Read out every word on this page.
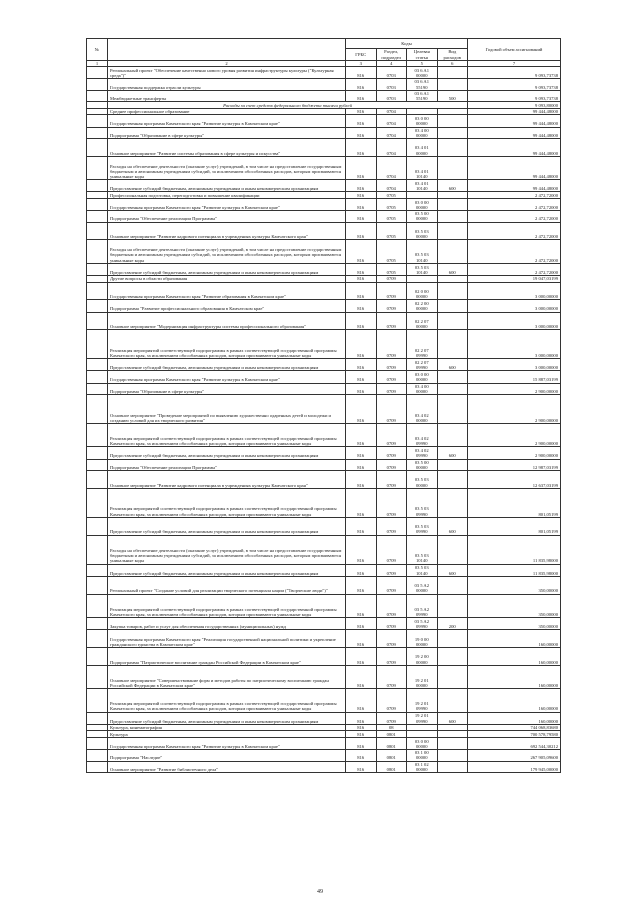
№		Коды				Годовой объем ассигнований
		ГРБС	Раздел, подраздел	Целевая статья	Вид расходов	
1	2	3	4	5	6	7
	Региональный проект "Обеспечение качественно нового уровня развития инфраструктуры культуры ("Культурная среда")"	816	0703	03 6 A1 00000		9 093,73738
	Государственная поддержка отрасли культуры	816	0703	03 6 A1 55190		9 093,73738
	Межбюджетные трансферты	816	0703	03 6 A1 55190	500	9 093,73738
	Расходы за счет средств федерального бюджета тысячи рублей					9 093,80000
	Среднее профессиональное образование	816	0704			99 444,48000
	Государственная программа Камчатского края "Развитие культуры в Камчатском крае"	816	0704	03 0 00 00000		99 444,48000
	Подпрограмма "Образование в сфере культуры"	816	0704	03 4 00 00000		99 444,48000
	Основное мероприятие "Развитие системы образования в сфере культуры и искусства"	816	0704	03 4 01 00000		99 444,48000
	Расходы на обеспечение деятельности (оказание услуг) учреждений, в том числе на предоставление государственным бюджетным и автономным учреждениям субсидий, за исключением обособленных расходов, которым присваиваются уникальные коды	816	0704	03 4 01 10140		99 444,48000
	Предоставление субсидий бюджетным, автономным учреждениям и иным некоммерческим организациям	816	0704	03 4 01 10140	600	99 444,48000
	Профессиональная подготовка, переподготовка и повышение квалификации	816	0705			2 472,72000
	Государственная программа Камчатского края "Развитие культуры в Камчатском крае"	816	0705	03 0 00 00000		2 472,72000
	Подпрограмма "Обеспечение реализации Программы"	816	0705	03 5 00 00000		2 472,72000
	Основное мероприятие "Развитие кадрового потенциала в учреждениях культуры Камчатского края"	816	0705	03 5 03 00000		2 472,72000
	Расходы на обеспечение деятельности (оказание услуг) учреждений, в том числе на предоставление государственным бюджетным и автономным учреждениям субсидий, за исключением обособленных расходов, которым присваиваются уникальные коды	816	0705	03 5 03 10140		2 472,72000
	Предоставление субсидий бюджетным, автономным учреждениям и иным некоммерческим организациям	816	0705	03 5 03 10140	600	2 472,72000
	Другие вопросы в области образования	816	0709			19 047,03199
	Государственная программа Камчатского края "Развитие образования в Камчатском крае"	816	0709	02 0 00 00000		3 000,00000
	Подпрограмма "Развитие профессионального образования в Камчатском крае"	816	0709	02 2 00 00000		3 000,00000
	Основное мероприятие "Модернизация инфраструктуры системы профессионального образования"	816	0709	02 2 07 00000		3 000,00000
	Реализация мероприятий соответствующей подпрограммы в рамках соответствующей государственной программы Камчатского края, за исключением обособленных расходов, которым присваиваются уникальные коды	816	0709	02 2 07 09990		3 000,00000
	Предоставление субсидий бюджетным, автономным учреждениям и иным некоммерческим организациям	816	0709	02 2 07 09990	600	3 000,00000
	Государственная программа Камчатского края "Развитие культуры в Камчатском крае"	816	0709	03 0 00 00000		15 887,03199
	Подпрограмма "Образование в сфере культуры"	816	0709	03 4 00 00000		2 900,00000
	Основное мероприятие "Проведение мероприятий по выявлению художественно одаренных детей и молодежи и созданию условий для их творческого развития"	816	0709	03 4 02 00000		2 900,00000
	Реализация мероприятий соответствующей подпрограммы в рамках соответствующей государственной программы Камчатского края, за исключением обособленных расходов, которым присваиваются уникальные коды	816	0709	03 4 02 09990		2 900,00000
	Предоставление субсидий бюджетным, автономным учреждениям и иным некоммерческим организациям	816	0709	03 4 02 09990	600	2 900,00000
	Подпрограмма "Обеспечение реализации Программы"	816	0709	03 5 00 00000		12 987,03199
	Основное мероприятие "Развитие кадрового потенциала в учреждениях культуры Камчатского края"	816	0709	03 5 03 00000		12 637,03199
	Реализация мероприятий соответствующей подпрограммы в рамках соответствующей государственной программы Камчатского края, за исключением обособленных расходов, которым присваиваются уникальные коды	816	0709	03 5 03 09990		801,05199
	Предоставление субсидий бюджетным, автономным учреждениям и иным некоммерческим организациям	816	0709	03 5 03 09990	600	801,05199
	Расходы на обеспечение деятельности (оказание услуг) учреждений, в том числе на предоставление государственным бюджетным и автономным учреждениям субсидий, за исключением обособленных расходов, которым присваиваются уникальные коды	816	0709	03 5 03 10140		11 835,98000
	Предоставление субсидий бюджетным, автономным учреждениям и иным некоммерческим организациям	816	0709	03 5 03 10140	600	11 835,98000
	Региональный проект "Создание условий для реализации творческого потенциала нации ("Творческие люди")"	816	0709	03 5 A2 00000		350,00000
	Реализация мероприятий соответствующей подпрограммы в рамках соответствующей государственной программы Камчатского края, за исключением обособленных расходов, которым присваиваются уникальные коды	816	0709	03 5 A2 09990		350,00000
	Закупка товаров, работ и услуг для обеспечения государственных (муниципальных) нужд	816	0709	03 5 A2 09990	200	350,00000
	Государственная программа Камчатского края "Реализация государственной национальной политики и укрепление гражданского единства в Камчатском крае"	816	0709	19 0 00 00000		160,00000
	Подпрограмма "Патриотическое воспитание граждан Российской Федерации в Камчатском крае"	816	0709	19 2 00 00000		160,00000
	Основное мероприятие "Совершенствование форм и методов работы по патриотическому воспитанию граждан Российской Федерации в Камчатском крае"	816	0709	19 2 01 00000		160,00000
	Реализация мероприятий соответствующей подпрограммы в рамках соответствующей государственной программы Камчатского края, за исключением обособленных расходов, которым присваиваются уникальные коды	816	0709	19 2 01 09990		160,00000
	Предоставление субсидий бюджетным, автономным учреждениям и иным некоммерческим организациям	816	0709	19 2 01 09990	600	160,00000
	Культура, кинематография	816	08			744 068,83680
	Культура	816	0801			700 578,79580
	Государственная программа Камчатского края "Развитие культуры в Камчатском крае"	816	0801	03 0 00 00000		692 544,30212
	Подпрограмма "Наследие"	816	0801	03 1 00 00000		267 905,09600
	Основное мероприятие "Развитие библиотечного дела"	816	0801	03 1 02 00000		179 945,00000
49
